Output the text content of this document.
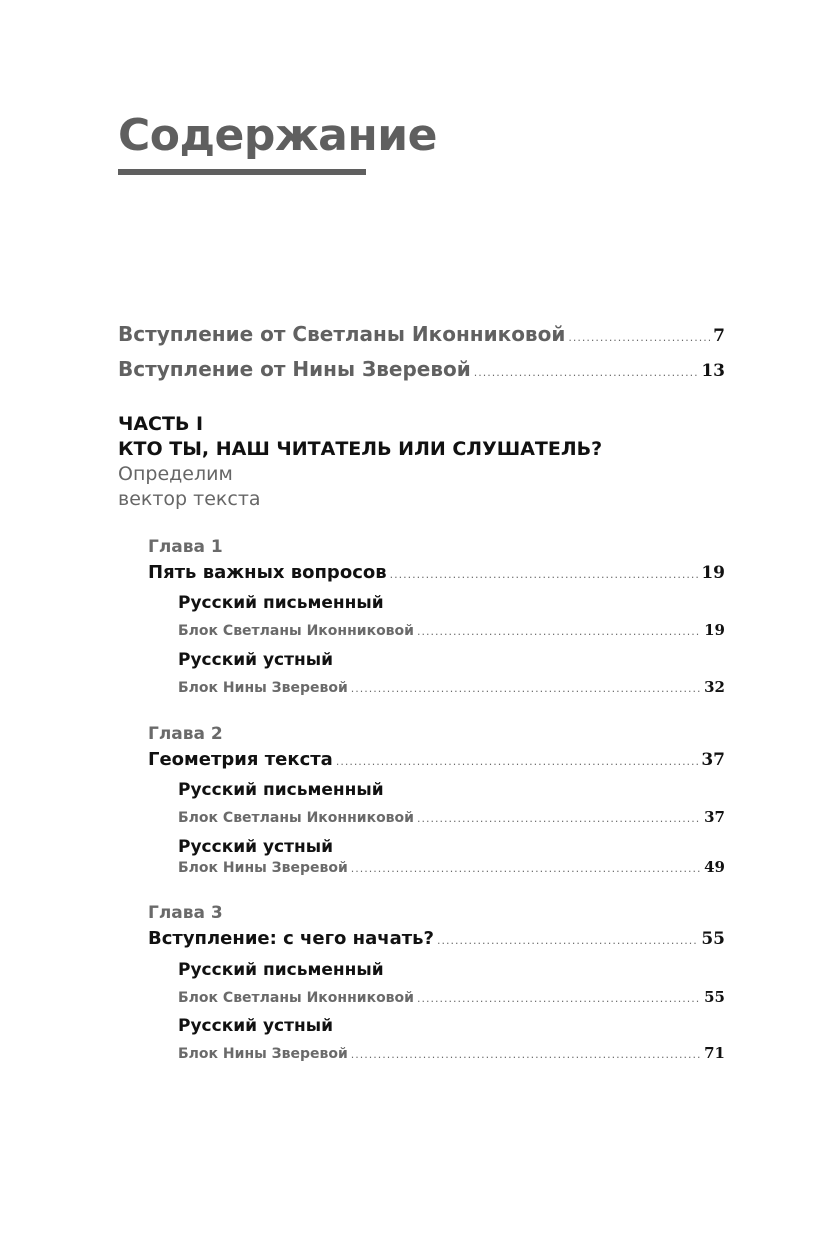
Содержание
Вступление от Светланы Иконниковой .....	7
Вступление от Нины Зверевой .....	13
ЧАСТЬ I
КТО ТЫ, НАШ ЧИТАТЕЛЬ ИЛИ СЛУШАТЕЛЬ?
Определим
вектор текста
Глава 1
Пять важных вопросов .....	19
Русский письменный
Блок Светланы Иконниковой .....	19
Русский устный
Блок Нины Зверевой .....	32
Глава 2
Геометрия текста .....	37
Русский письменный
Блок Светланы Иконниковой .....	37
Русский устный
Блок Нины Зверевой .....	49
Глава 3
Вступление: с чего начать? .....	55
Русский письменный
Блок Светланы Иконниковой .....	55
Русский устный
Блок Нины Зверевой .....	71
